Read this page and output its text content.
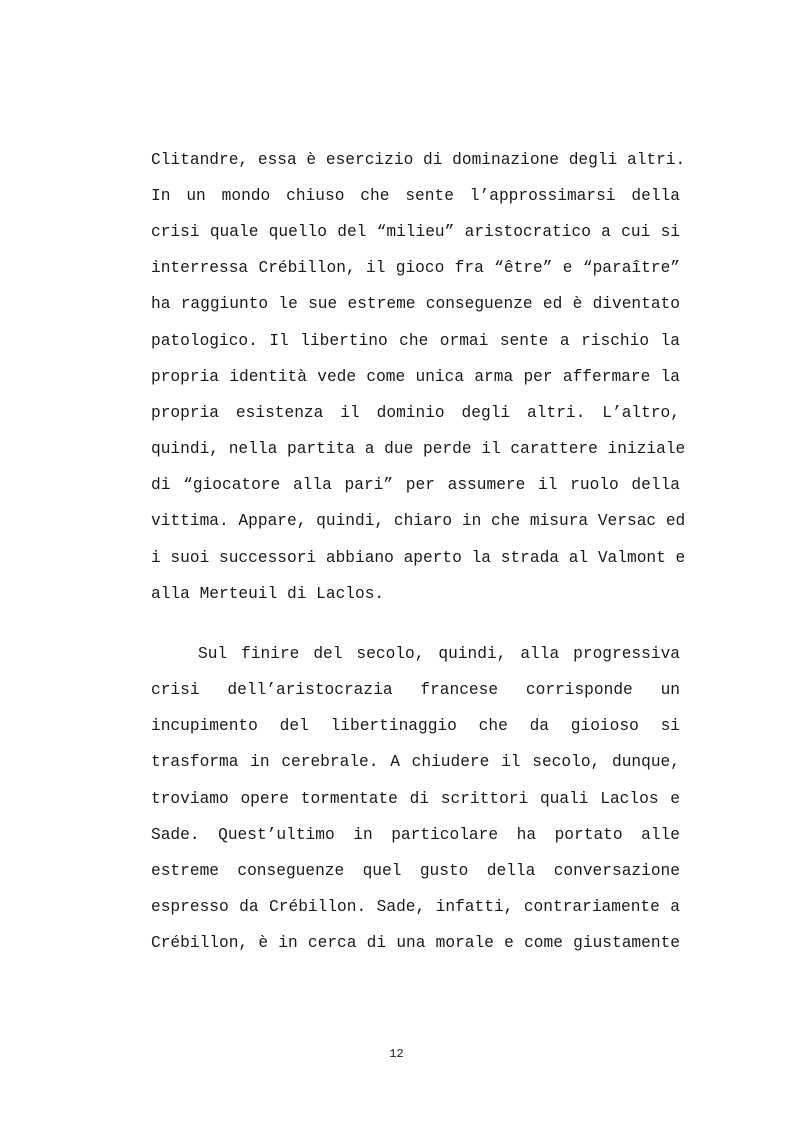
Clitandre, essa è esercizio di dominazione degli altri.
In un mondo chiuso che sente l’approssimarsi della
crisi quale quello del “milieu” aristocratico a cui si
interressa Crébillon, il gioco fra “être” e “paraître”
ha raggiunto le sue estreme conseguenze ed è diventato
patologico. Il libertino che ormai sente a rischio la
propria identità vede come unica arma per affermare la
propria esistenza il dominio degli altri. L’altro,
quindi, nella partita a due perde il carattere iniziale
di “giocatore alla pari” per assumere il ruolo della
vittima. Appare, quindi, chiaro in che misura Versac ed
i suoi successori abbiano aperto la strada al Valmont e
alla Merteuil di Laclos.
Sul finire del secolo, quindi, alla progressiva
crisi dell’aristocrazia francese corrisponde un
incupimento del libertinaggio che da gioioso si
trasforma in cerebrale. A chiudere il secolo, dunque,
troviamo opere tormentate di scrittori quali Laclos e
Sade. Quest’ultimo in particolare ha portato alle
estreme conseguenze quel gusto della conversazione
espresso da Crébillon. Sade, infatti, contrariamente a
Crébillon, è in cerca di una morale e come giustamente
12
